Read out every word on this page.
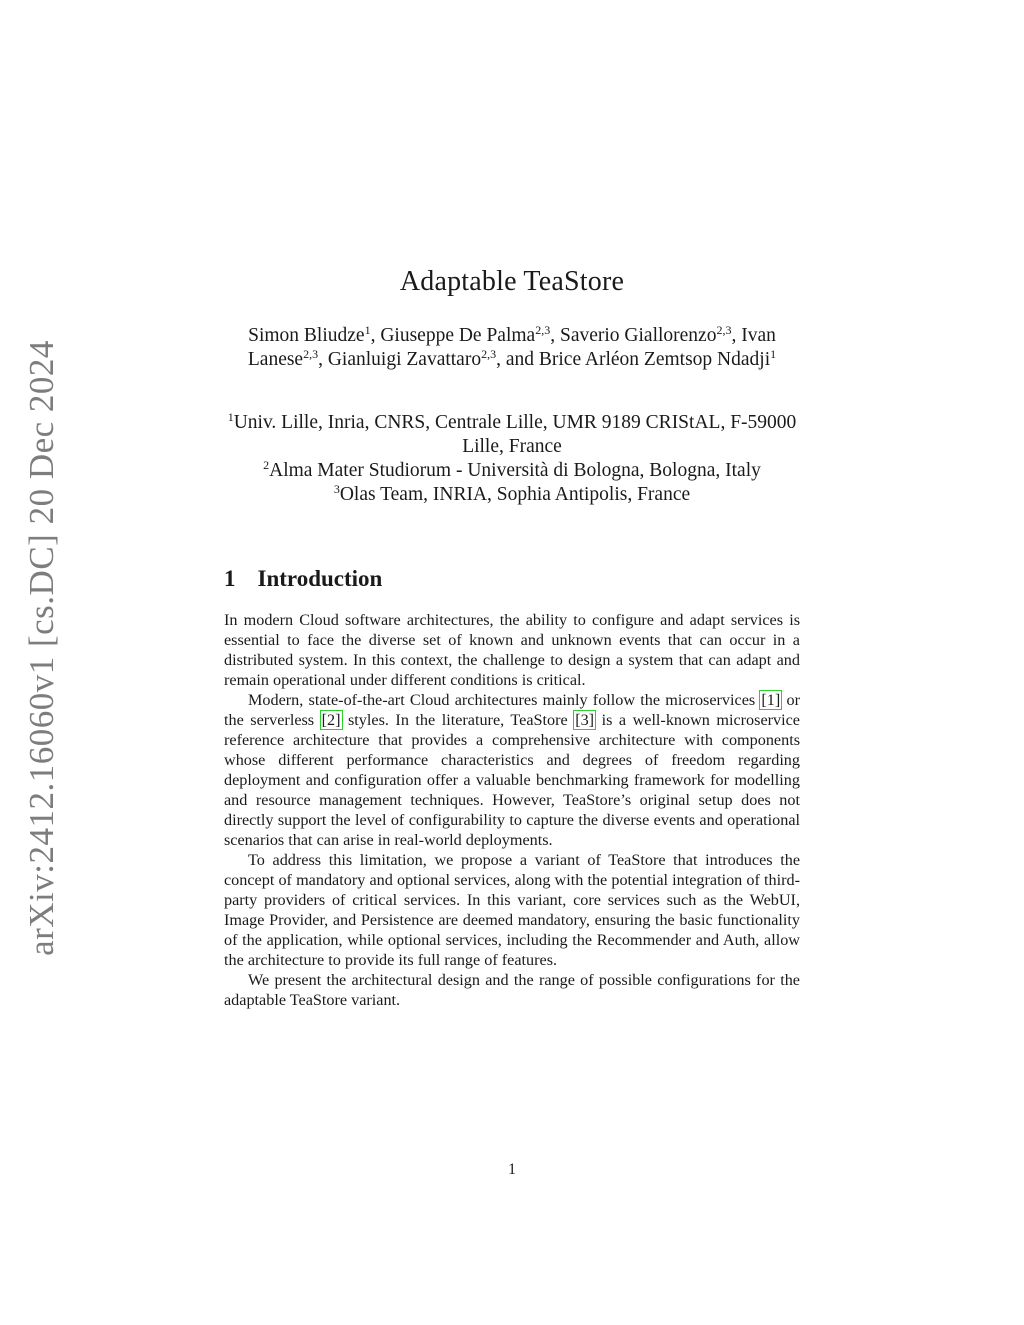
arXiv:2412.16060v1 [cs.DC] 20 Dec 2024
Adaptable TeaStore
Simon Bliudze$^1$, Giuseppe De Palma$^{2,3}$, Saverio Giallorenzo$^{2,3}$, Ivan Lanese$^{2,3}$, Gianluigi Zavattaro$^{2,3}$, and Brice Arléon Zemtsop Ndadji$^1$
$^1$Univ. Lille, Inria, CNRS, Centrale Lille, UMR 9189 CRIStAL, F-59000 Lille, France
$^2$Alma Mater Studiorum - Università di Bologna, Bologna, Italy
$^3$Olas Team, INRIA, Sophia Antipolis, France
1 Introduction

In modern Cloud software architectures, the ability to configure and adapt services is essential to face the diverse set of known and unknown events that can occur in a distributed system. In this context, the challenge to design a system that can adapt and remain operational under different conditions is critical.

Modern, state-of-the-art Cloud architectures mainly follow the microservices [1] or the serverless [2] styles. In the literature, TeaStore [3] is a well-known microservice reference architecture that provides a comprehensive architecture with components whose different performance characteristics and degrees of freedom regarding deployment and configuration offer a valuable benchmarking framework for modelling and resource management techniques. However, TeaStore’s original setup does not directly support the level of configurability to capture the diverse events and operational scenarios that can arise in real-world deployments.

To address this limitation, we propose a variant of TeaStore that introduces the concept of mandatory and optional services, along with the potential integration of third-party providers of critical services. In this variant, core services such as the WebUI, Image Provider, and Persistence are deemed mandatory, ensuring the basic functionality of the application, while optional services, including the Recommender and Auth, allow the architecture to provide its full range of features.

We present the architectural design and the range of possible configurations for the adaptable TeaStore variant.

1
